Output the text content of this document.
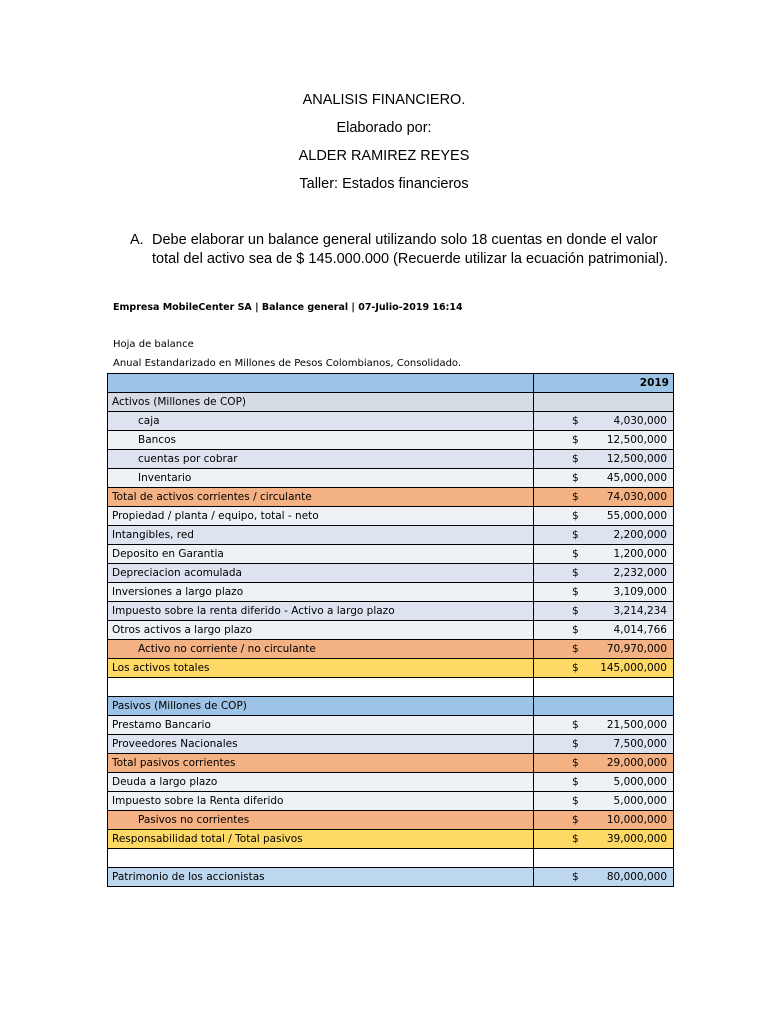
ANALISIS FINANCIERO.
Elaborado por:
ALDER RAMIREZ REYES
Taller: Estados financieros
A. Debe elaborar un balance general utilizando solo 18 cuentas en donde el valor total del activo sea de $ 145.000.000 (Recuerde utilizar la ecuación patrimonial).
Empresa MobileCenter SA | Balance general | 07-Julio-2019 16:14
Hoja de balance
Anual Estandarizado en Millones de Pesos Colombianos, Consolidado.
	2019
Activos (Millones de COP)	
caja	$ 4,030,000

Bancos	$ 12,500,000

cuentas por cobrar	$ 12,500,000

Inventario	$ 45,000,000

Total de activos corrientes / circulante	$ 74,030,000

Propiedad / planta / equipo, total - neto	$ 55,000,000

Intangibles, red	$ 2,200,000

Deposito en Garantia	$ 1,200,000

Depreciacion acomulada	$ 2,232,000

Inversiones a largo plazo	$ 3,109,000

Impuesto sobre la renta diferido - Activo a largo plazo	$ 3,214,234

Otros activos a largo plazo	$ 4,014,766

Activo no corriente / no circulante	$ 70,970,000

Los activos totales	$ 145,000,000

Pasivos (Millones de COP)	
Prestamo Bancario	$ 21,500,000

Proveedores Nacionales	$ 7,500,000

Total pasivos corrientes	$ 29,000,000

Deuda a largo plazo	$ 5,000,000

Impuesto sobre la Renta diferido	$ 5,000,000

Pasivos no corrientes	$ 10,000,000

Responsabilidad total / Total pasivos	$ 39,000,000

Patrimonio de los accionistas	$ 80,000,000
